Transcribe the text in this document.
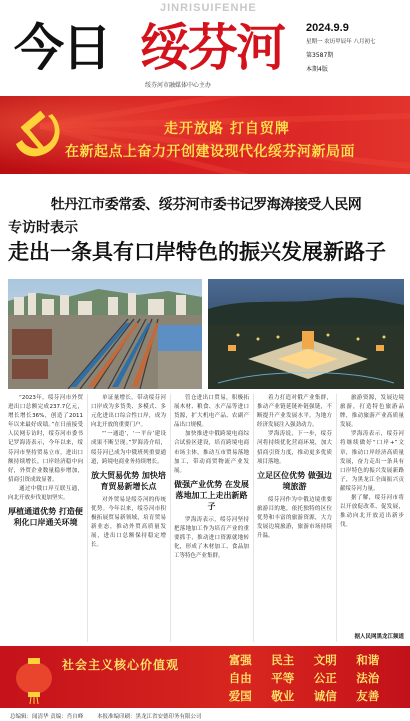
JINRISUIFENHE
今日 绥芬河
绥芬河市融媒体中心主办
2024.9.9
星期一 农历甲辰年 八月初七
第3587期
本期4版
走开放路 打自贸牌
在新起点上奋力开创建设现代化绥芬河新局面
牡丹江市委常委、绥芬河市委书记罗海涛接受人民网
专访时表示
走出一条具有口岸特色的振兴发展新路子

“2023年，绥芬河市外贸进出口总额完成237.7亿元，增长增长36%，创造了2011年以来最好成绩。”在日前接受人民网专访时，绥芬河市委书记罗海涛表示，今年以来，绥芬河市坚持贸易立市，进出口额持续增长，口岸经济稳中向好，外贸企业数量稳步增加，招商引资成效显著。

通过中俄口岸互联互通，向北开放步伐更加坚实。

厚植通道优势 打造便利化口岸通关环境

单证量增长。带动绥芬河口岸成为多货类、多模式、多元化进出口综合性口岸，成为向北开放的重要门户。

“‘一通道’，‘一平台’建设成果不断呈现。”罗海涛介绍，绥芬河已成为中俄班列重要通道，跨境电商业务持续增长。

放大贸易优势 加快培育贸易新增长点

对外贸易是绥芬河的传统优势。今年以来，绥芬河市积极拓展贸易新领域，培育贸易新业态，推动外贸高质量发展，进出口总额保持稳定增长。

管仓进出口贸易，积极拓展木材、粮食、水产品等进口货源，扩大机电产品、农副产品出口规模。

加快推进中俄跨境电商综合试验区建设，培育跨境电商市场主体，推动互市贸易落地加工，带动商贸物流产业发展。

做强产业优势 在发展落地加工上走出新路子

罗海涛表示，绥芬河坚持把落地加工作为培育产业的重要抓手，推动进口资源就地转化，形成了木材加工、食品加工等特色产业集群。

着力打造对俄产业集群，推动产业链延链补链强链，不断提升产业发展水平，为地方经济发展注入强劲动力。

罗海涛说，下一步，绥芬河将持续优化营商环境，加大招商引资力度，推动更多优质项目落地。

立足区位优势 做强边境旅游

绥芬河作为中俄边境重要旅游目的地，依托独特的区位优势和丰富的旅游资源，大力发展边境旅游，旅游市场持续升温。

旅游资源，发展边境旅游，打造特色旅游品牌，推动旅游产业高质量发展。

罗海涛表示，绥芬河将继续做好“口岸+”文章，推动口岸经济高质量发展，奋力走出一条具有口岸特色的振兴发展新路子，为黑龙江全面振兴贡献绥芬河力量。

据了解，绥芬河市将以开放促改革、促发展，推动向北开放迈出新步伐。

据人民网黑龙江频道
社会主义核心价值观	富强	民主	文明	和谐
自由	平等	公正	法治
爱国	敬业	诚信	友善
总编辑：闻清华 责编：肖自峰	本报准编印刷：黑龙江省安德印务有限公司
